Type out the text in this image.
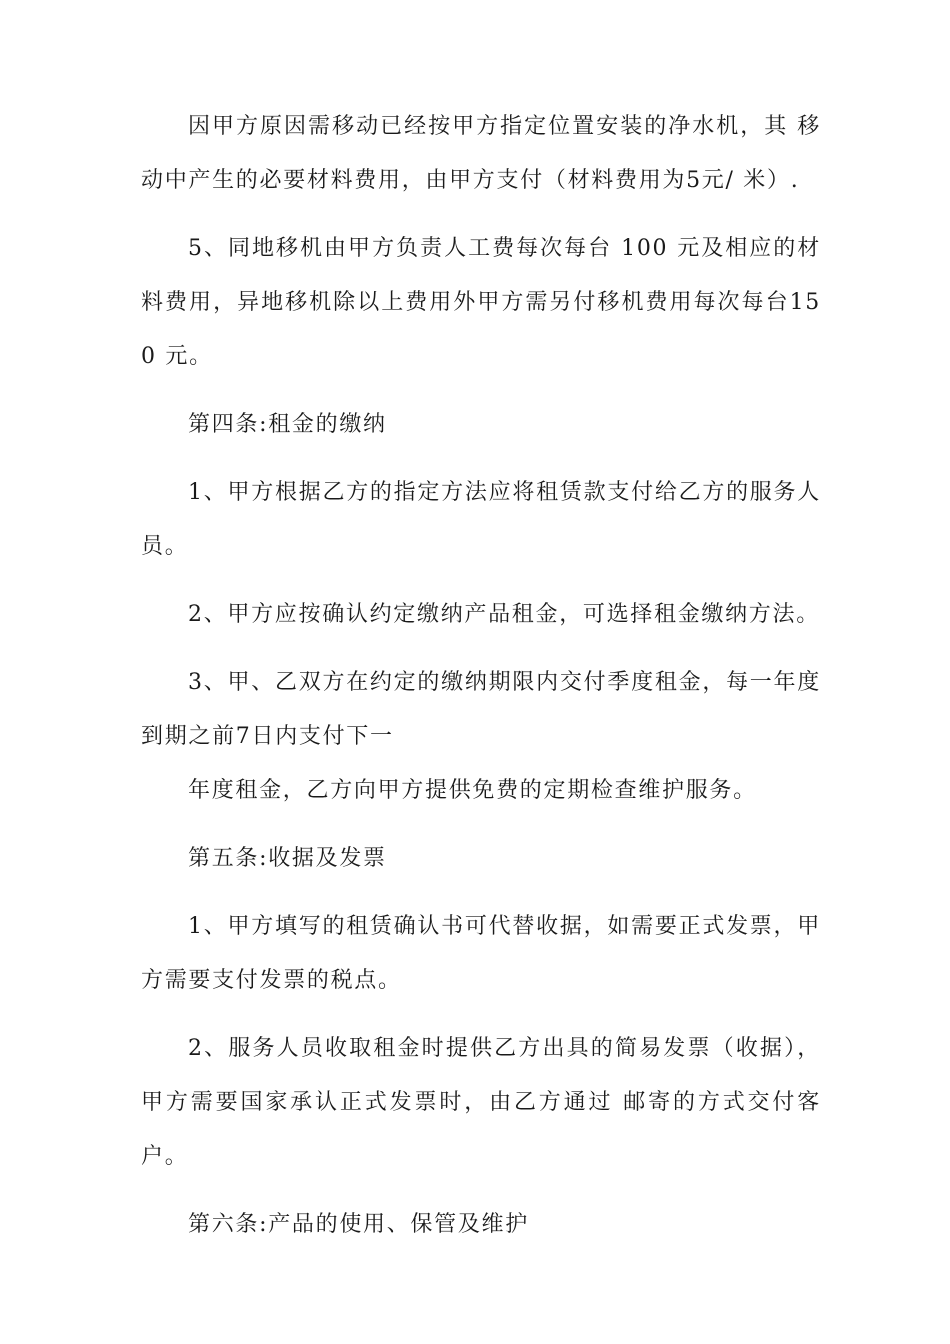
因甲方原因需移动已经按甲方指定位置安装的净水机，其 移动中产生的必要材料费用，由甲方支付（材料费用为5元/ 米）.

5、同地移机由甲方负责人工费每次每台 100 元及相应的材料费用，异地移机除以上费用外甲方需另付移机费用每次每台150 元。

第四条:租金的缴纳

1、甲方根据乙方的指定方法应将租赁款支付给乙方的服务人员。

2、甲方应按确认约定缴纳产品租金，可选择租金缴纳方法。

3、甲、乙双方在约定的缴纳期限内交付季度租金，每一年度到期之前7日内支付下一

年度租金，乙方向甲方提供免费的定期检查维护服务。

第五条:收据及发票

1、甲方填写的租赁确认书可代替收据，如需要正式发票，甲方需要支付发票的税点。

2、服务人员收取租金时提供乙方出具的简易发票（收据），甲方需要国家承认正式发票时，由乙方通过 邮寄的方式交付客户。

第六条:产品的使用、保管及维护
